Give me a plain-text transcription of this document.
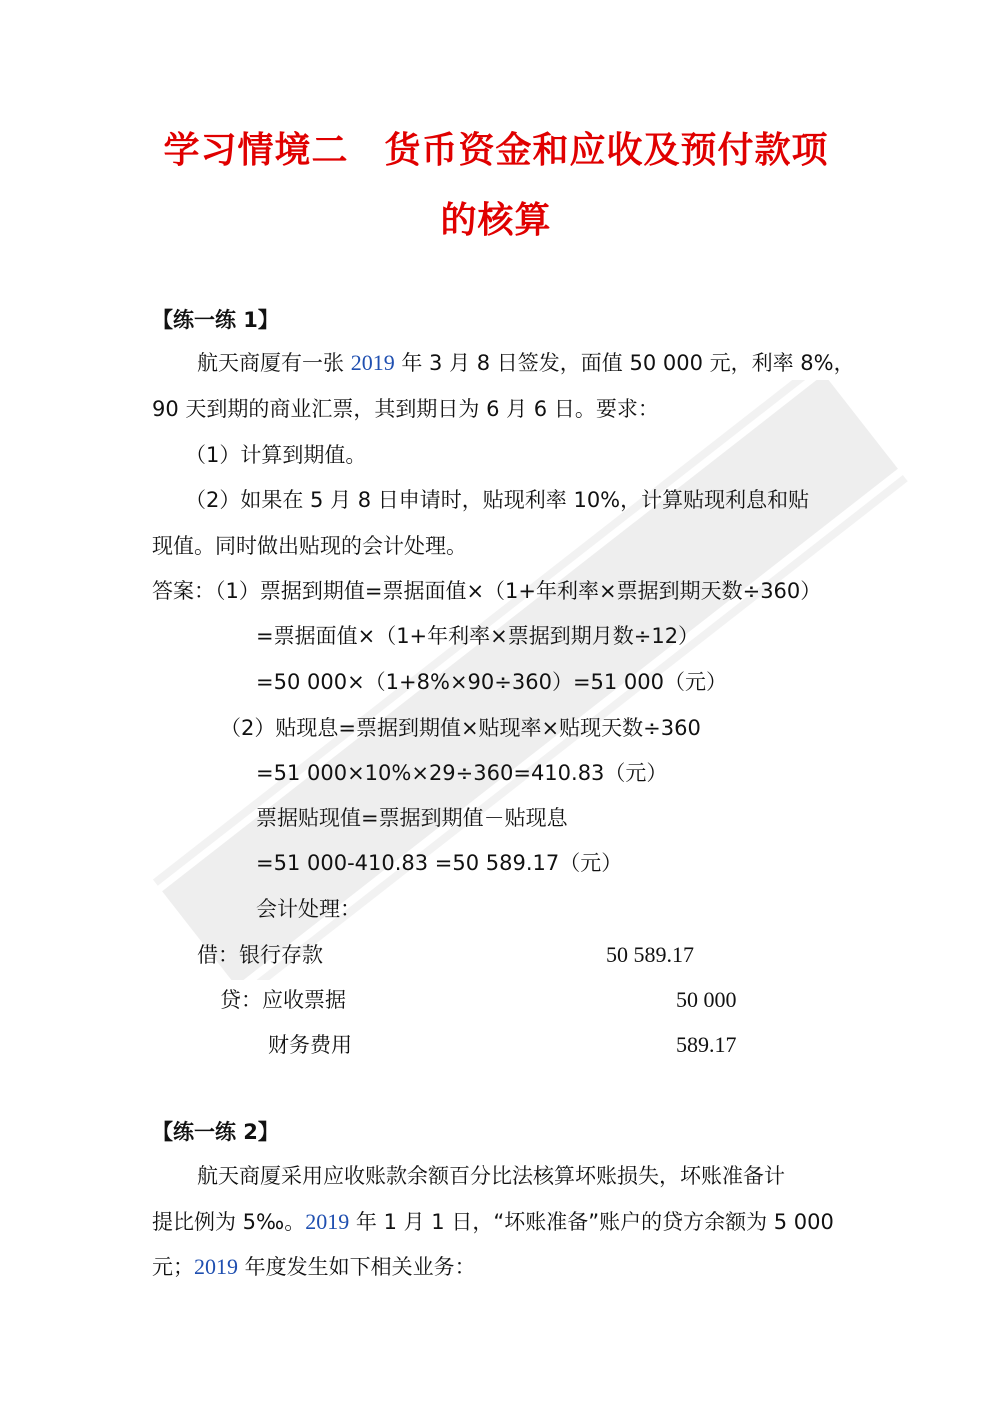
学习情境二 货币资金和应收及预付款项
的核算
【练一练 1】
航天商厦有一张 2019 年 3 月 8 日签发，面值 50 000 元，利率 8%，
90 天到期的商业汇票，其到期日为 6 月 6 日。要求：
（1）计算到期值。
（2）如果在 5 月 8 日申请时，贴现利率 10%，计算贴现利息和贴
现值。同时做出贴现的会计处理。
答案：（1）票据到期值=票据面值×（1+年利率×票据到期天数÷360）
=票据面值×（1+年利率×票据到期月数÷12）
=50 000×（1+8%×90÷360）=51 000（元）
（2）贴现息=票据到期值×贴现率×贴现天数÷360
=51 000×10%×29÷360=410.83（元）
票据贴现值=票据到期值－贴现息
=51 000-410.83 =50 589.17（元）
会计处理：
借：银行存款	50 589.17
贷：应收票据	50 000
财务费用	589.17
【练一练 2】
航天商厦采用应收账款余额百分比法核算坏账损失，坏账准备计
提比例为 5‰。2019 年 1 月 1 日，“坏账准备”账户的贷方余额为 5 000
元；2019 年度发生如下相关业务：
